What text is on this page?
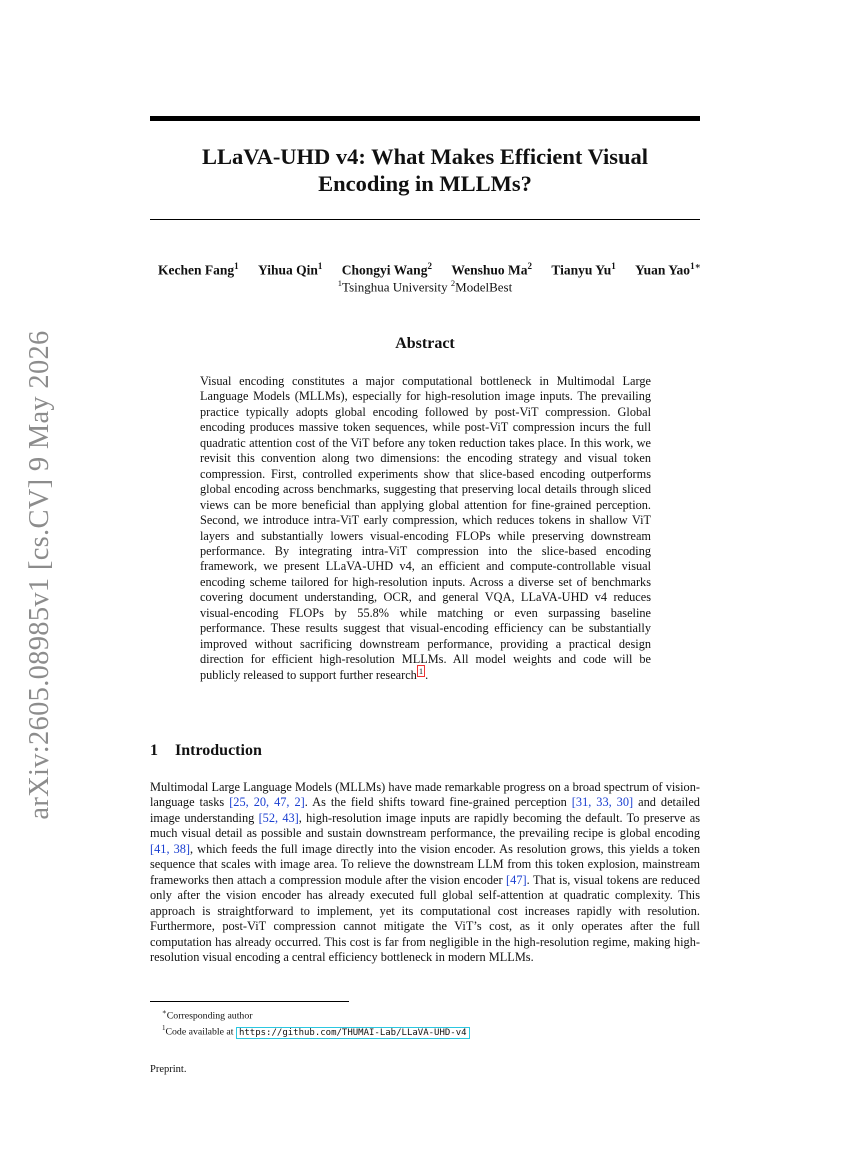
arXiv:2605.08985v1 [cs.CV] 9 May 2026
LLaVA-UHD v4: What Makes Efficient Visual
Encoding in MLLMs?
Kechen Fang$^1$ Yihua Qin$^1$ Chongyi Wang$^2$ Wenshuo Ma$^2$ Tianyu Yu$^1$ Yuan Yao$^{1∗}$
$^1$Tsinghua University $^2$ModelBest
Abstract

Visual encoding constitutes a major computational bottleneck in Multimodal Large Language Models (MLLMs), especially for high-resolution image inputs. The prevailing practice typically adopts global encoding followed by post-ViT compression. Global encoding produces massive token sequences, while post-ViT compression incurs the full quadratic attention cost of the ViT before any token reduction takes place. In this work, we revisit this convention along two dimensions: the encoding strategy and visual token compression. First, controlled experiments show that slice-based encoding outperforms global encoding across benchmarks, suggesting that preserving local details through sliced views can be more beneficial than applying global attention for fine-grained perception. Second, we introduce intra-ViT early compression, which reduces tokens in shallow ViT layers and substantially lowers visual-encoding FLOPs while preserving downstream performance. By integrating intra-ViT compression into the slice-based encoding framework, we present LLaVA-UHD v4, an efficient and compute-controllable visual encoding scheme tailored for high-resolution inputs. Across a diverse set of benchmarks covering document understanding, OCR, and general VQA, LLaVA-UHD v4 reduces visual-encoding FLOPs by 55.8% while matching or even surpassing baseline performance. These results suggest that visual-encoding efficiency can be substantially improved without sacrificing downstream performance, providing a practical design direction for efficient high-resolution MLLMs. All model weights and code will be publicly released to support further research $^1$ .

1 Introduction

Multimodal Large Language Models (MLLMs) have made remarkable progress on a broad spectrum of vision-language tasks [25, 20, 47, 2]. As the field shifts toward fine-grained perception [31, 33, 30] and detailed image understanding [52, 43], high-resolution image inputs are rapidly becoming the default. To preserve as much visual detail as possible and sustain downstream performance, the prevailing recipe is global encoding [41, 38], which feeds the full image directly into the vision encoder. As resolution grows, this yields a token sequence that scales with image area. To relieve the downstream LLM from this token explosion, mainstream frameworks then attach a compression module after the vision encoder [47]. That is, visual tokens are reduced only after the vision encoder has already executed full global self-attention at quadratic complexity. This approach is straightforward to implement, yet its computational cost increases rapidly with resolution. Furthermore, post-ViT compression cannot mitigate the ViT’s cost, as it only operates after the full computation has already occurred. This cost is far from negligible in the high-resolution regime, making high-resolution visual encoding a central efficiency bottleneck in modern MLLMs.

∗Corresponding author
$^1$Code available at https://github.com/THUMAI-Lab/LLaVA-UHD-v4
Preprint.
